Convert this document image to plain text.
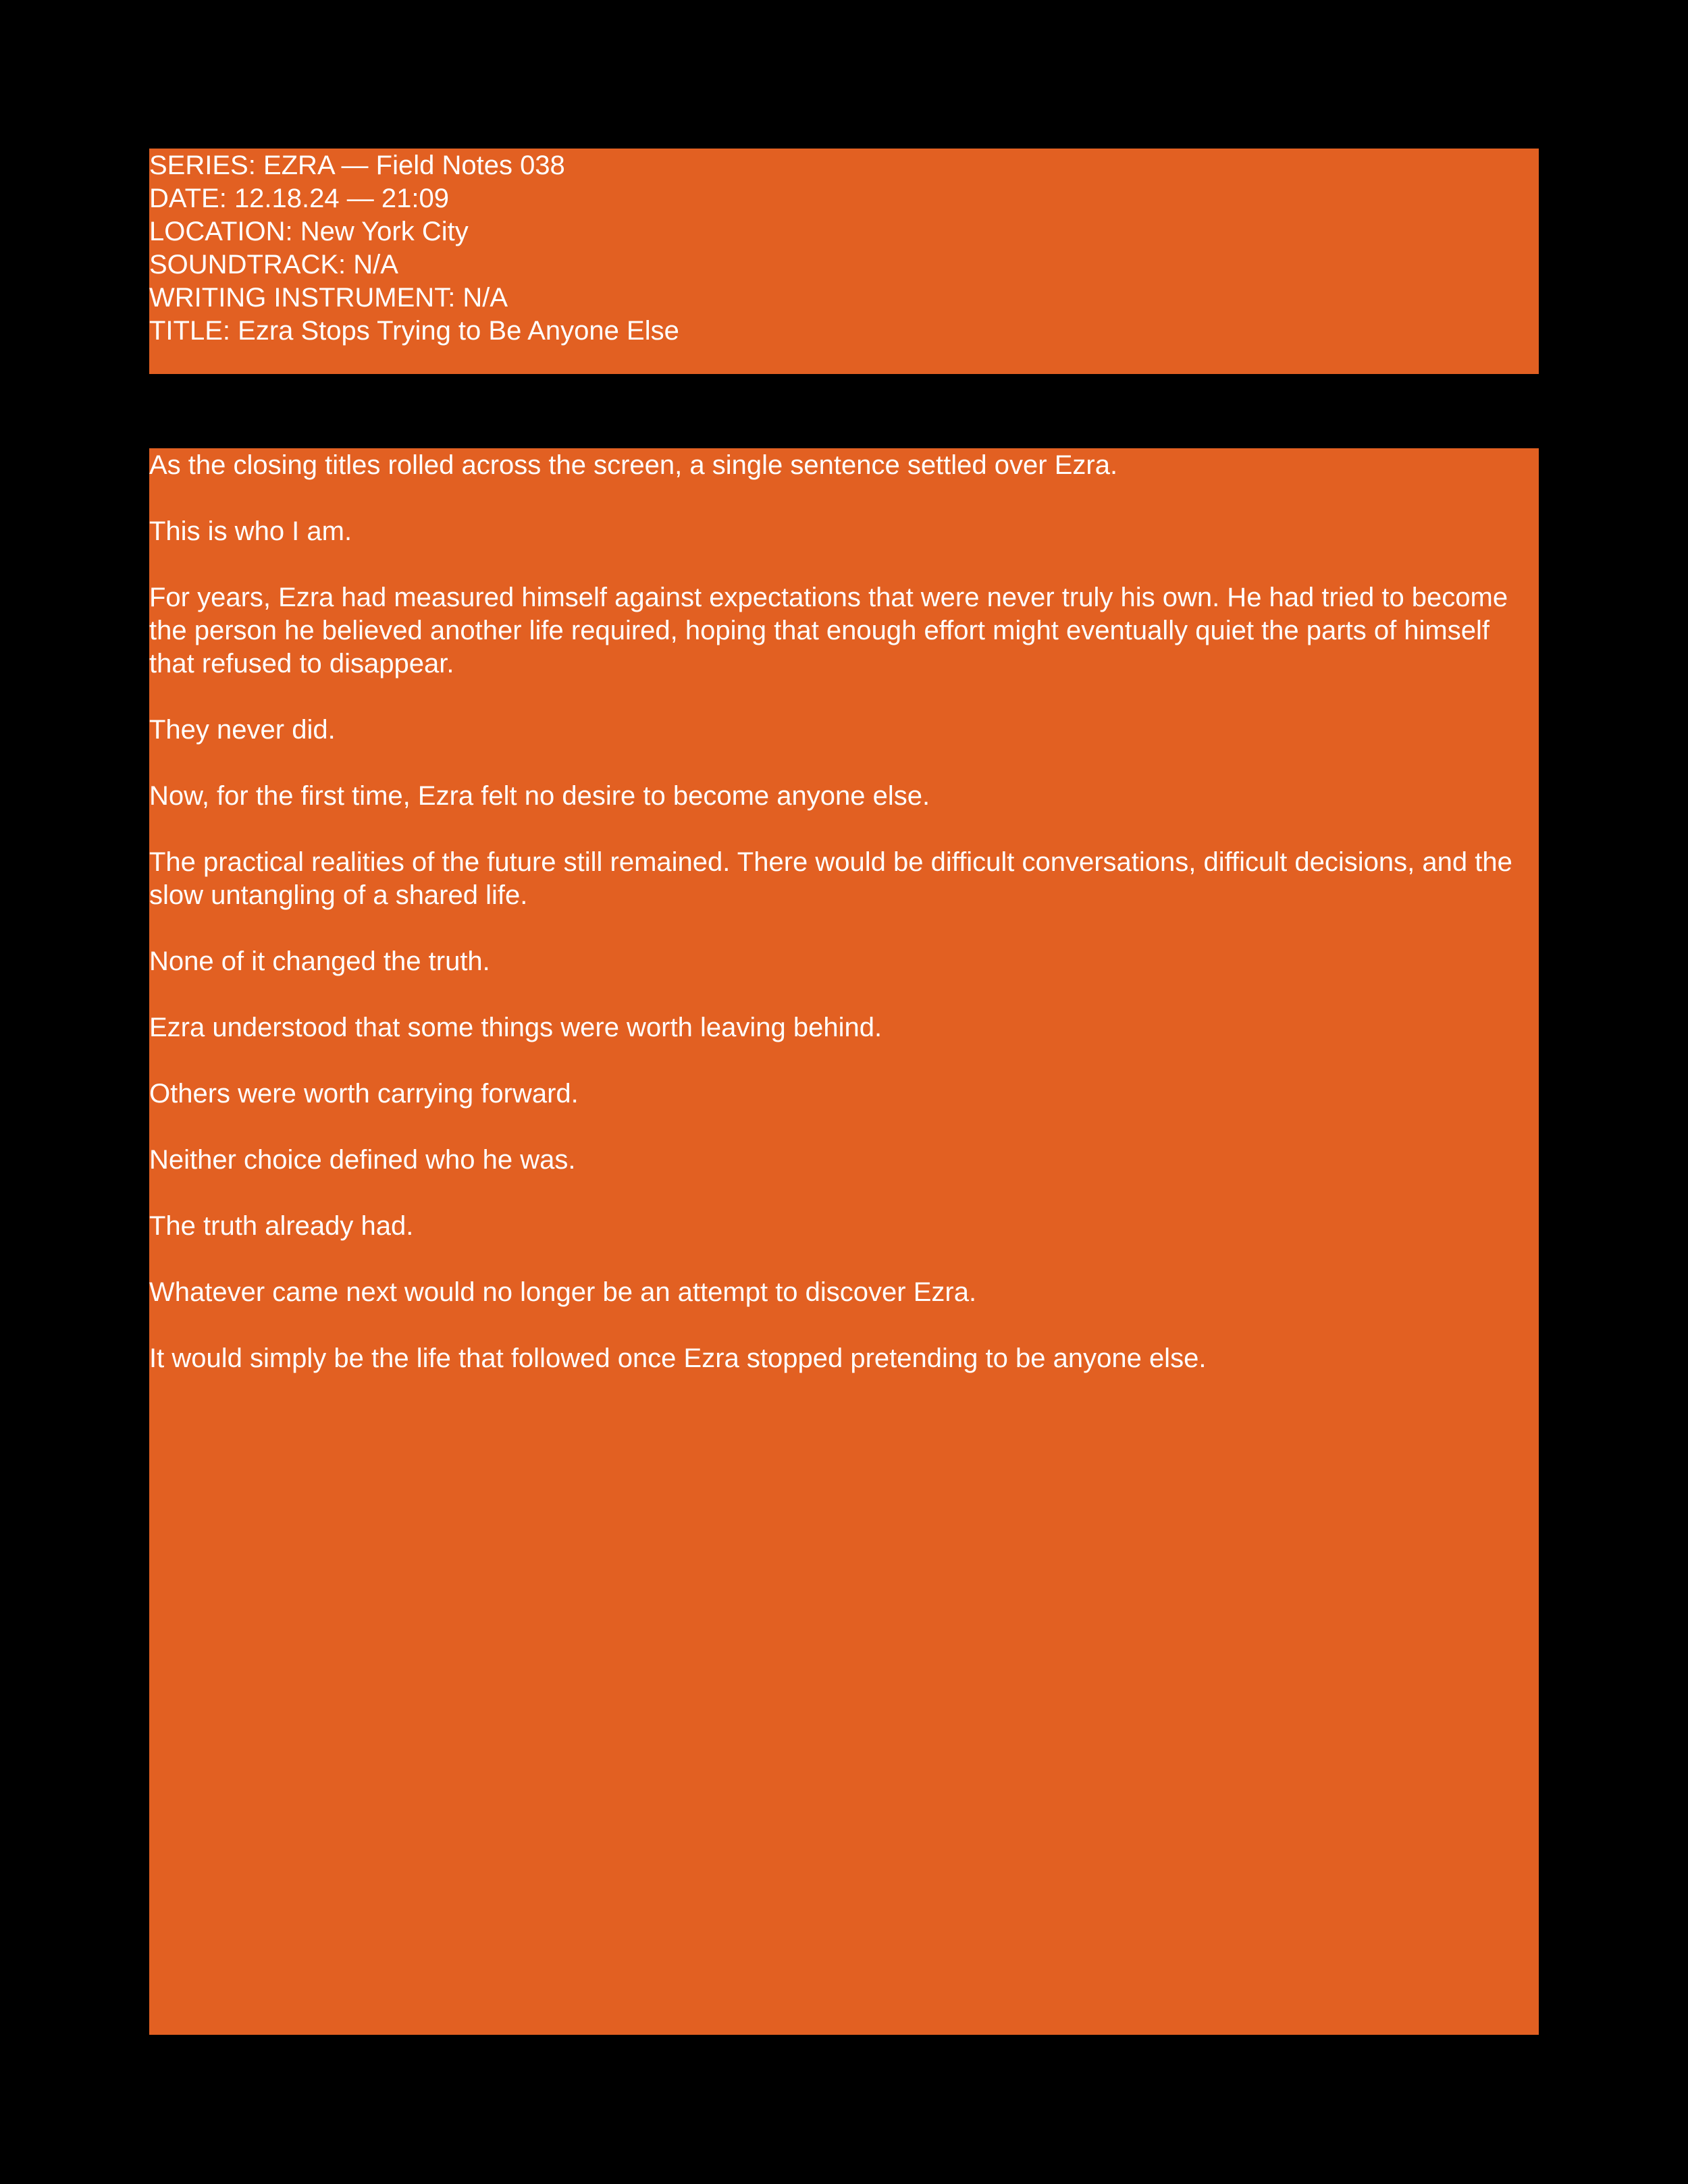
SERIES: EZRA — Field Notes 038
DATE: 12.18.24 — 21:09
LOCATION: New York City
SOUNDTRACK: N/A
WRITING INSTRUMENT: N/A
TITLE: Ezra Stops Trying to Be Anyone Else

As the closing titles rolled across the screen, a single sentence settled over Ezra.

This is who I am.

For years, Ezra had measured himself against expectations that were never truly his own. He had tried to become the person he believed another life required, hoping that enough effort might eventually quiet the parts of himself that refused to disappear.

They never did.

Now, for the first time, Ezra felt no desire to become anyone else.

The practical realities of the future still remained. There would be difficult conversations, difficult decisions, and the slow untangling of a shared life.

None of it changed the truth.

Ezra understood that some things were worth leaving behind.

Others were worth carrying forward.

Neither choice defined who he was.

The truth already had.

Whatever came next would no longer be an attempt to discover Ezra.

It would simply be the life that followed once Ezra stopped pretending to be anyone else.
